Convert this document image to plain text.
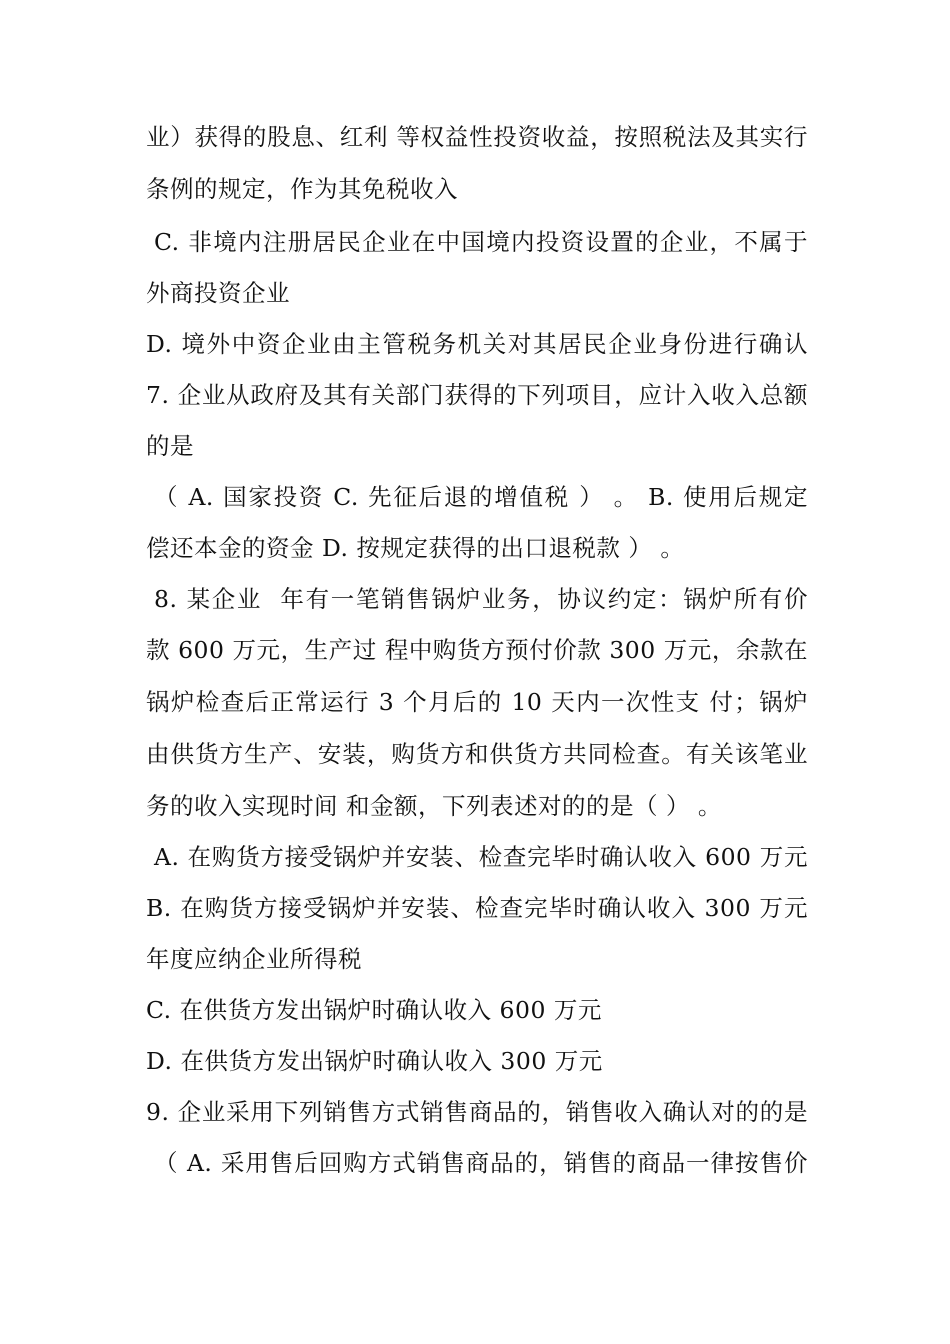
业）获得的股息、红利 等权益性投资收益，按照税法及其实行
条例的规定，作为其免税收入
C. 非境内注册居民企业在中国境内投资设置的企业，不属于
外商投资企业
D. 境外中资企业由主管税务机关对其居民企业身份进行确认
7. 企业从政府及其有关部门获得的下列项目，应计入收入总额
的是
（ A. 国家投资 C. 先征后退的增值税 ） 。 B. 使用后规定
偿还本金的资金 D. 按规定获得的出口退税款 ） 。
8. 某企业  年有一笔销售锅炉业务，协议约定：锅炉所有价
款 600 万元，生产过 程中购货方预付价款 300 万元，余款在
锅炉检查后正常运行 3 个月后的 10 天内一次性支 付；锅炉
由供货方生产、安装，购货方和供货方共同检查。有关该笔业
务的收入实现时间 和金额，下列表述对的的是（ ） 。
A. 在购货方接受锅炉并安装、检查完毕时确认收入 600 万元
B. 在购货方接受锅炉并安装、检查完毕时确认收入 300 万元
年度应纳企业所得税
C. 在供货方发出锅炉时确认收入 600 万元
D. 在供货方发出锅炉时确认收入 300 万元
9. 企业采用下列销售方式销售商品的，销售收入确认对的的是
（ A. 采用售后回购方式销售商品的，销售的商品一律按售价
